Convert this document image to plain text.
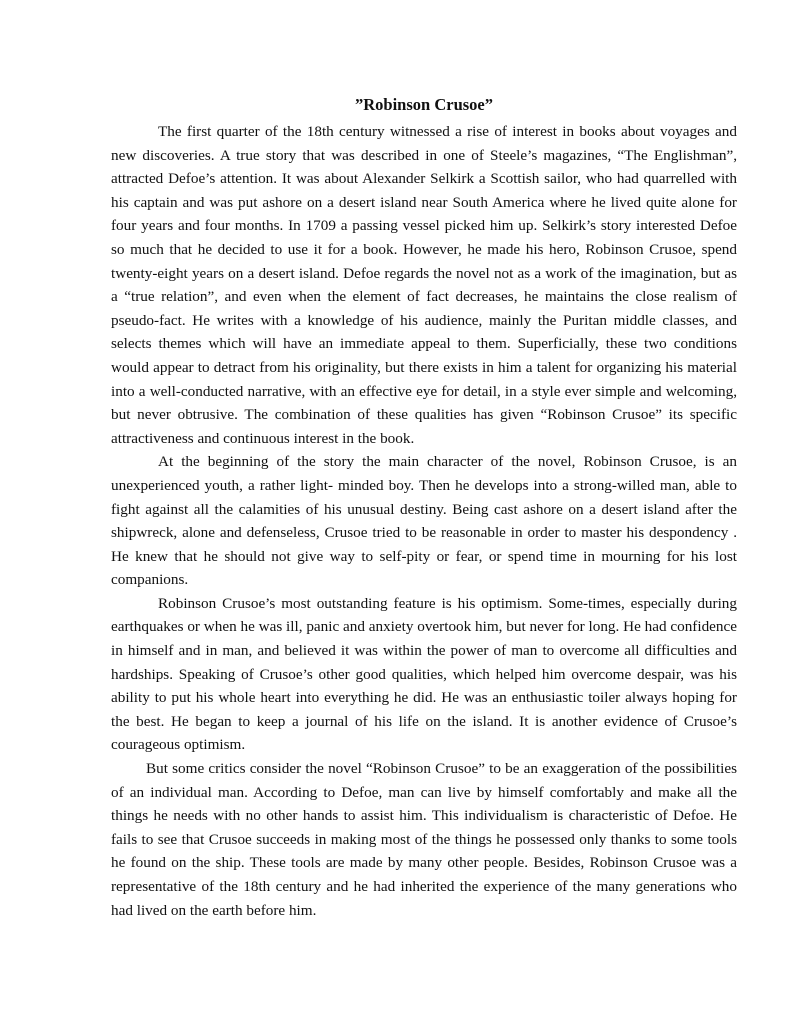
”Robinson Crusoe”

The first quarter of the 18th century witnessed a rise of interest in books about voyages and new discoveries. A true story that was described in one of Steele’s magazines, “The Englishman”, attracted Defoe’s attention. It was about Alexander Selkirk a Scottish sailor, who had quarrelled with his captain and was put ashore on a desert island near South America where he lived quite alone for four years and four months. In 1709 a passing vessel picked him up. Selkirk’s story interested Defoe so much that he decided to use it for a book. However, he made his hero, Robinson Crusoe, spend twenty-eight years on a desert island. Defoe regards the novel not as a work of the imagination, but as a “true relation”, and even when the element of fact decreases, he maintains the close realism of pseudo-fact. He writes with a knowledge of his audience, mainly the Puritan middle classes, and selects themes which will have an immediate appeal to them. Superficially, these two conditions would appear to detract from his originality, but there exists in him a talent for organizing his material into a well-conducted narrative, with an effective eye for detail, in a style ever simple and welcoming, but never obtrusive. The combination of these qualities has given “Robinson Crusoe” its specific attractiveness and continuous interest in the book.

At the beginning of the story the main character of the novel, Robinson Crusoe, is an unexperienced youth, a rather light- minded boy. Then he develops into a strong-willed man, able to fight against all the calamities of his unusual destiny. Being cast ashore on a desert island after the shipwreck, alone and defenseless, Crusoe tried to be reasonable in order to master his despondency . He knew that he should not give way to self-pity or fear, or spend time in mourning for his lost companions.

Robinson Crusoe’s most outstanding feature is his optimism. Some-times, especially during earthquakes or when he was ill, panic and anxiety overtook him, but never for long. He had confidence in himself and in man, and believed it was within the power of man to overcome all difficulties and hardships. Speaking of Crusoe’s other good qualities, which helped him overcome despair, was his ability to put his whole heart into everything he did. He was an enthusiastic toiler always hoping for the best. He began to keep a journal of his life on the island. It is another evidence of Crusoe’s courageous optimism.

But some critics consider the novel “Robinson Crusoe” to be an exaggeration of the possibilities of an individual man. According to Defoe, man can live by himself comfortably and make all the things he needs with no other hands to assist him. This individualism is characteristic of Defoe. He fails to see that Crusoe succeeds in making most of the things he possessed only thanks to some tools he found on the ship. These tools are made by many other people. Besides, Robinson Crusoe was a representative of the 18th century and he had inherited the experience of the many generations who had lived on the earth before him.
